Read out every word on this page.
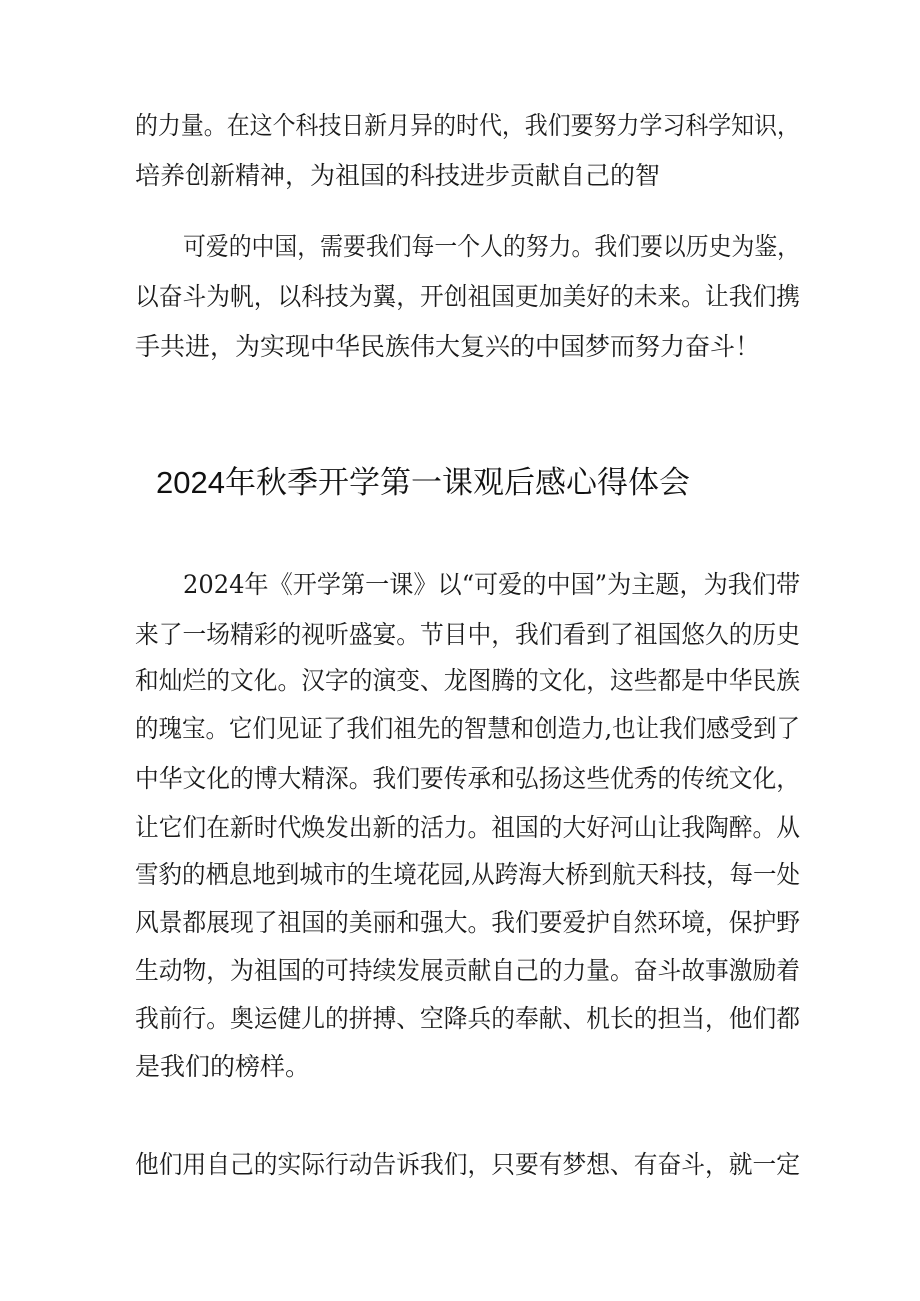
的力量。在这个科技日新月异的时代，我们要努力学习科学知识，
培养创新精神，为祖国的科技进步贡献自己的智
可爱的中国，需要我们每一个人的努力。我们要以历史为鉴，
以奋斗为帆，以科技为翼，开创祖国更加美好的未来。让我们携
手共进，为实现中华民族伟大复兴的中国梦而努力奋斗！
2024年秋季开学第一课观后感心得体会
2024年《开学第一课》以“可爱的中国”为主题，为我们带
来了一场精彩的视听盛宴。节目中，我们看到了祖国悠久的历史
和灿烂的文化。汉字的演变、龙图腾的文化，这些都是中华民族
的瑰宝。它们见证了我们祖先的智慧和创造力,也让我们感受到了
中华文化的博大精深。我们要传承和弘扬这些优秀的传统文化，
让它们在新时代焕发出新的活力。祖国的大好河山让我陶醉。从
雪豹的栖息地到城市的生境花园,从跨海大桥到航天科技，每一处
风景都展现了祖国的美丽和强大。我们要爱护自然环境，保护野
生动物，为祖国的可持续发展贡献自己的力量。奋斗故事激励着
我前行。奥运健儿的拼搏、空降兵的奉献、机长的担当，他们都
是我们的榜样。
他们用自己的实际行动告诉我们，只要有梦想、有奋斗，就一定
